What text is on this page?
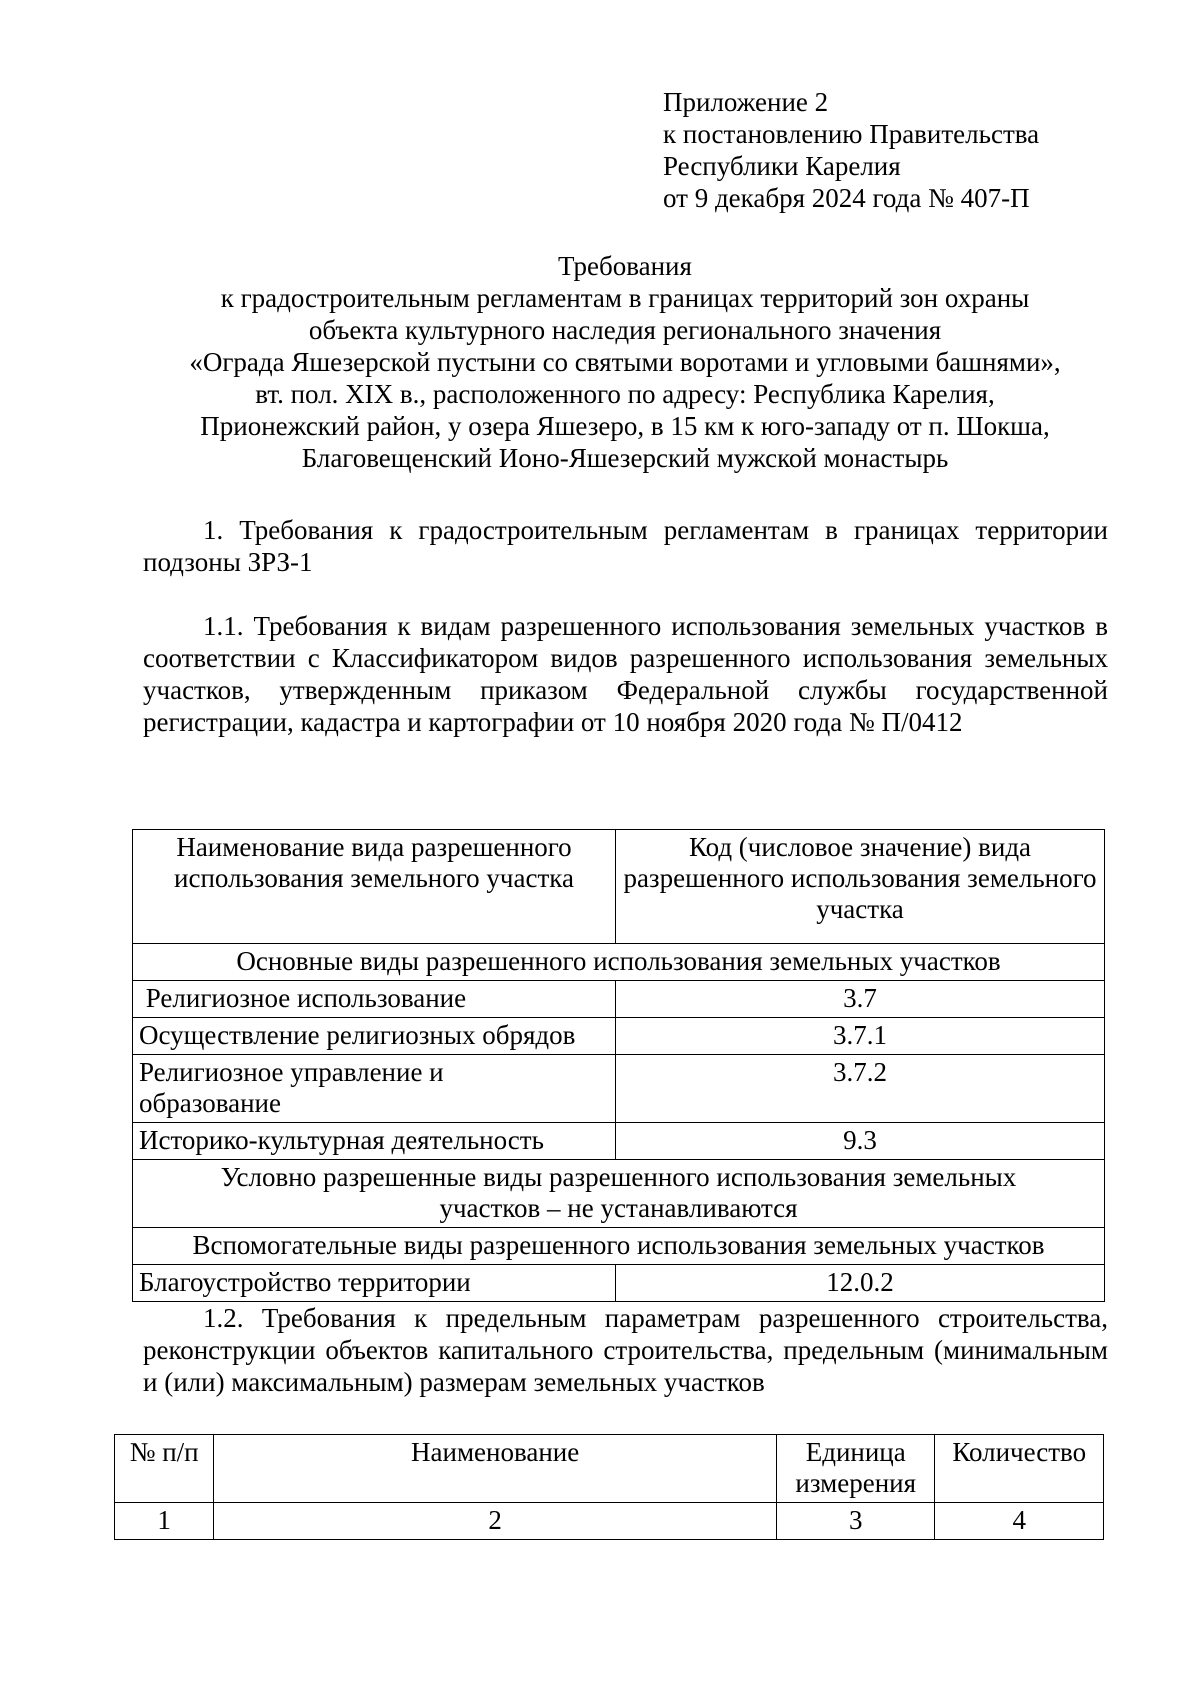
Приложение 2
к постановлению Правительства
Республики Карелия
от 9 декабря 2024 года № 407-П
Требования
к градостроительным регламентам в границах территорий зон охраны
объекта культурного наследия регионального значения
«Ограда Яшезерской пустыни со святыми воротами и угловыми башнями»,
вт. пол. XIX в., расположенного по адресу: Республика Карелия,
Прионежский район, у озера Яшезеро, в 15 км к юго-западу от п. Шокша,
Благовещенский Ионо-Яшезерский мужской монастырь

1. Требования к градостроительным регламентам в границах территории подзоны ЗРЗ-1

1.1. Требования к видам разрешенного использования земельных участков в соответствии с Классификатором видов разрешенного использования земельных участков, утвержденным приказом Федеральной службы государственной регистрации, кадастра и картографии от 10 ноября 2020 года № П/0412

Наименование вида разрешенного использования земельного участка	Код (числовое значение) вида разрешенного использования земельного участка
Основные виды разрешенного использования земельных участков	
Религиозное использование	3.7
Осуществление религиозных обрядов	3.7.1
Религиозное управление и образование	3.7.2
Историко-культурная деятельность	9.3
Условно разрешенные виды разрешенного использования земельных участков – не устанавливаются	
Вспомогательные виды разрешенного использования земельных участков	
Благоустройство территории	12.0.2

1.2. Требования к предельным параметрам разрешенного строительства, реконструкции объектов капитального строительства, предельным (минимальным и (или) максимальным) размерам земельных участков

№ п/п	Наименование	Единица измерения	Количество
1	2	3	4
